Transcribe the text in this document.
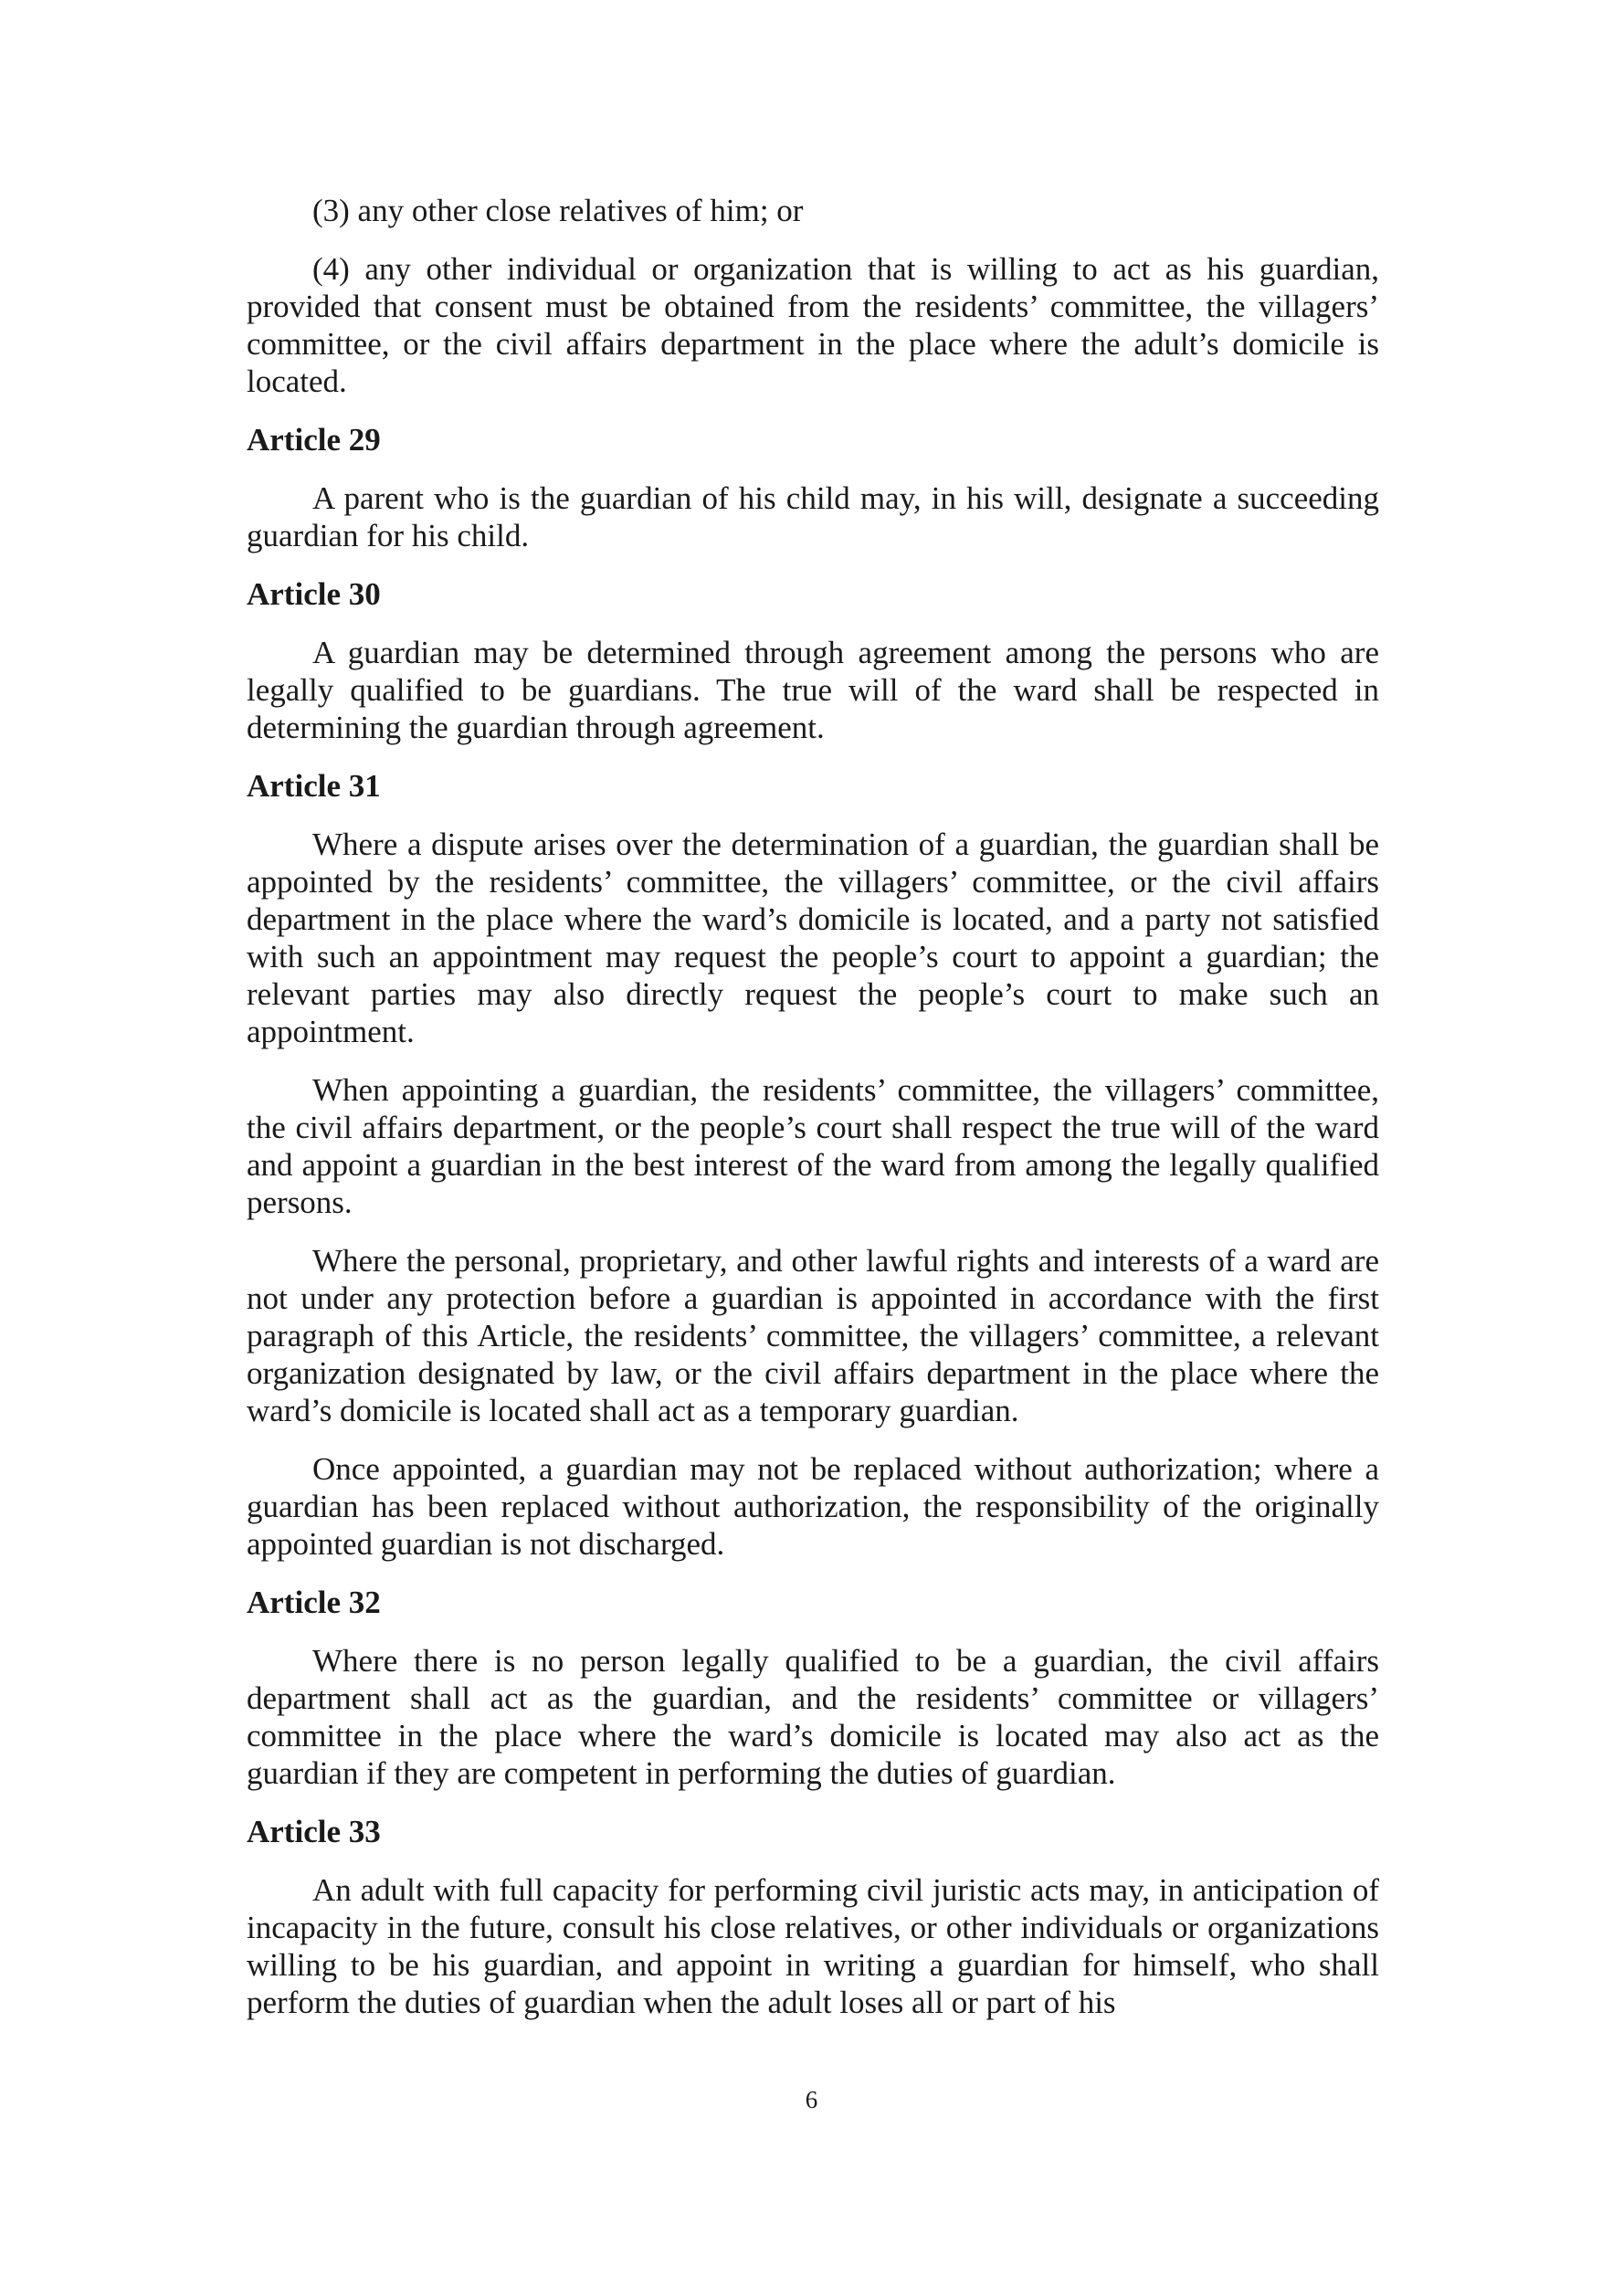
(3) any other close relatives of him; or

(4) any other individual or organization that is willing to act as his guardian, provided that consent must be obtained from the residents’ committee, the villagers’ committee, or the civil affairs department in the place where the adult’s domicile is located.

Article 29

A parent who is the guardian of his child may, in his will, designate a succeeding guardian for his child.

Article 30

A guardian may be determined through agreement among the persons who are legally qualified to be guardians. The true will of the ward shall be respected in determining the guardian through agreement.

Article 31

Where a dispute arises over the determination of a guardian, the guardian shall be appointed by the residents’ committee, the villagers’ committee, or the civil affairs department in the place where the ward’s domicile is located, and a party not satisfied with such an appointment may request the people’s court to appoint a guardian; the relevant parties may also directly request the people’s court to make such an appointment.

When appointing a guardian, the residents’ committee, the villagers’ committee, the civil affairs department, or the people’s court shall respect the true will of the ward and appoint a guardian in the best interest of the ward from among the legally qualified persons.

Where the personal, proprietary, and other lawful rights and interests of a ward are not under any protection before a guardian is appointed in accordance with the first paragraph of this Article, the residents’ committee, the villagers’ committee, a relevant organization designated by law, or the civil affairs department in the place where the ward’s domicile is located shall act as a temporary guardian.

Once appointed, a guardian may not be replaced without authorization; where a guardian has been replaced without authorization, the responsibility of the originally appointed guardian is not discharged.

Article 32

Where there is no person legally qualified to be a guardian, the civil affairs department shall act as the guardian, and the residents’ committee or villagers’ committee in the place where the ward’s domicile is located may also act as the guardian if they are competent in performing the duties of guardian.

Article 33

An adult with full capacity for performing civil juristic acts may, in anticipation of incapacity in the future, consult his close relatives, or other individuals or organizations willing to be his guardian, and appoint in writing a guardian for himself, who shall perform the duties of guardian when the adult loses all or part of his

6
